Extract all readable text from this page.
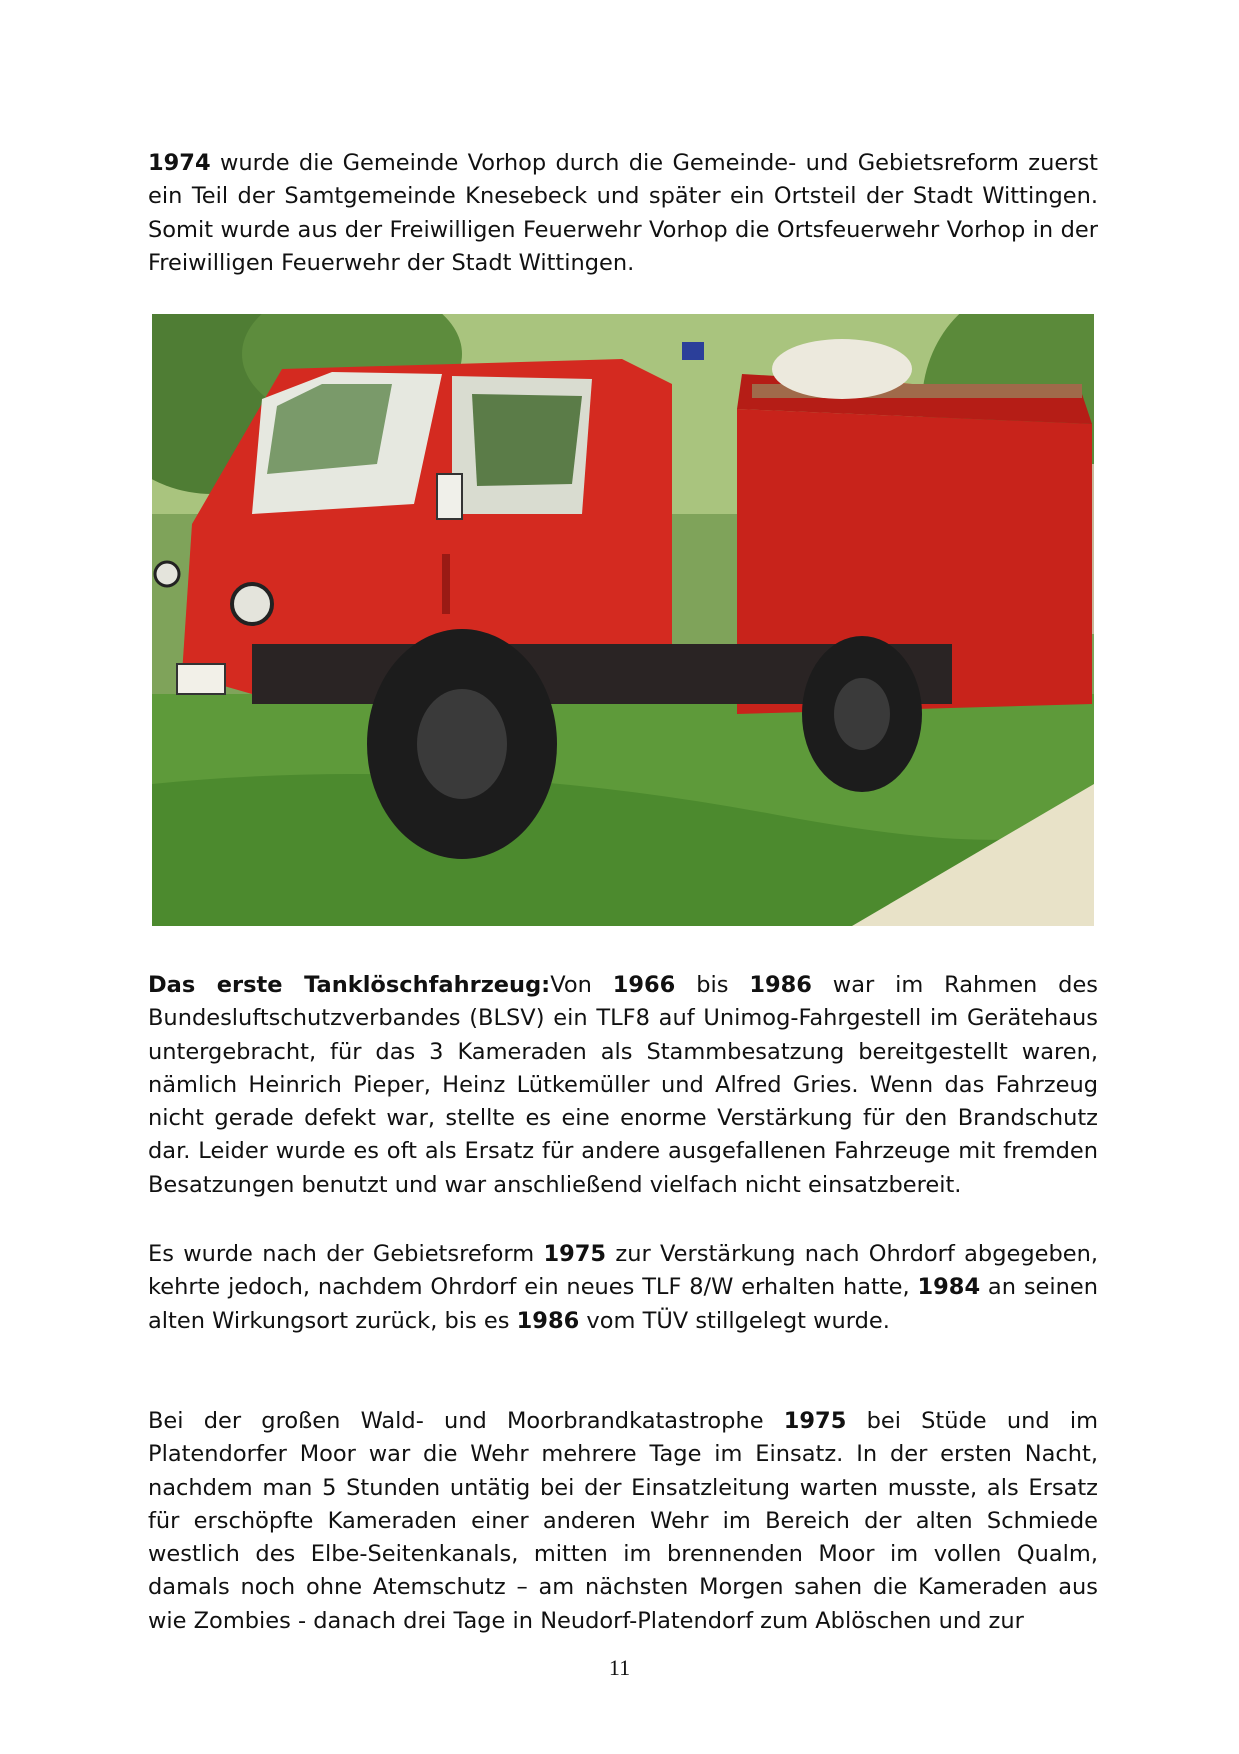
1974 wurde die Gemeinde Vorhop durch die Gemeinde- und Gebietsreform zuerst ein Teil der Samtgemeinde Knesebeck und später ein Ortsteil der Stadt Wittingen. Somit wurde aus der Freiwilligen Feuerwehr Vorhop die Ortsfeuerwehr Vorhop in der Freiwilligen Feuerwehr der Stadt Wittingen.

Das erste Tanklöschfahrzeug:Von 1966 bis 1986 war im Rahmen des Bundesluftschutzverbandes (BLSV) ein TLF8 auf Unimog-Fahrgestell im Gerätehaus untergebracht, für das 3 Kameraden als Stammbesatzung bereitgestellt waren, nämlich Heinrich Pieper, Heinz Lütkemüller und Alfred Gries. Wenn das Fahrzeug nicht gerade defekt war, stellte es eine enorme Verstärkung für den Brandschutz dar. Leider wurde es oft als Ersatz für andere ausgefallenen Fahrzeuge mit fremden Besatzungen benutzt und war anschließend vielfach nicht einsatzbereit.

Es wurde nach der Gebietsreform 1975 zur Verstärkung nach Ohrdorf abgegeben, kehrte jedoch, nachdem Ohrdorf ein neues TLF 8/W erhalten hatte, 1984 an seinen alten Wirkungsort zurück, bis es 1986 vom TÜV stillgelegt wurde.

Bei der großen Wald- und Moorbrandkatastrophe 1975 bei Stüde und im Platendorfer Moor war die Wehr mehrere Tage im Einsatz. In der ersten Nacht, nachdem man 5 Stunden untätig bei der Einsatzleitung warten musste, als Ersatz für erschöpfte Kameraden einer anderen Wehr im Bereich der alten Schmiede westlich des Elbe-Seitenkanals, mitten im brennenden Moor im vollen Qualm, damals noch ohne Atemschutz – am nächsten Morgen sahen die Kameraden aus wie Zombies - danach drei Tage in Neudorf-Platendorf zum Ablöschen und zur

11
